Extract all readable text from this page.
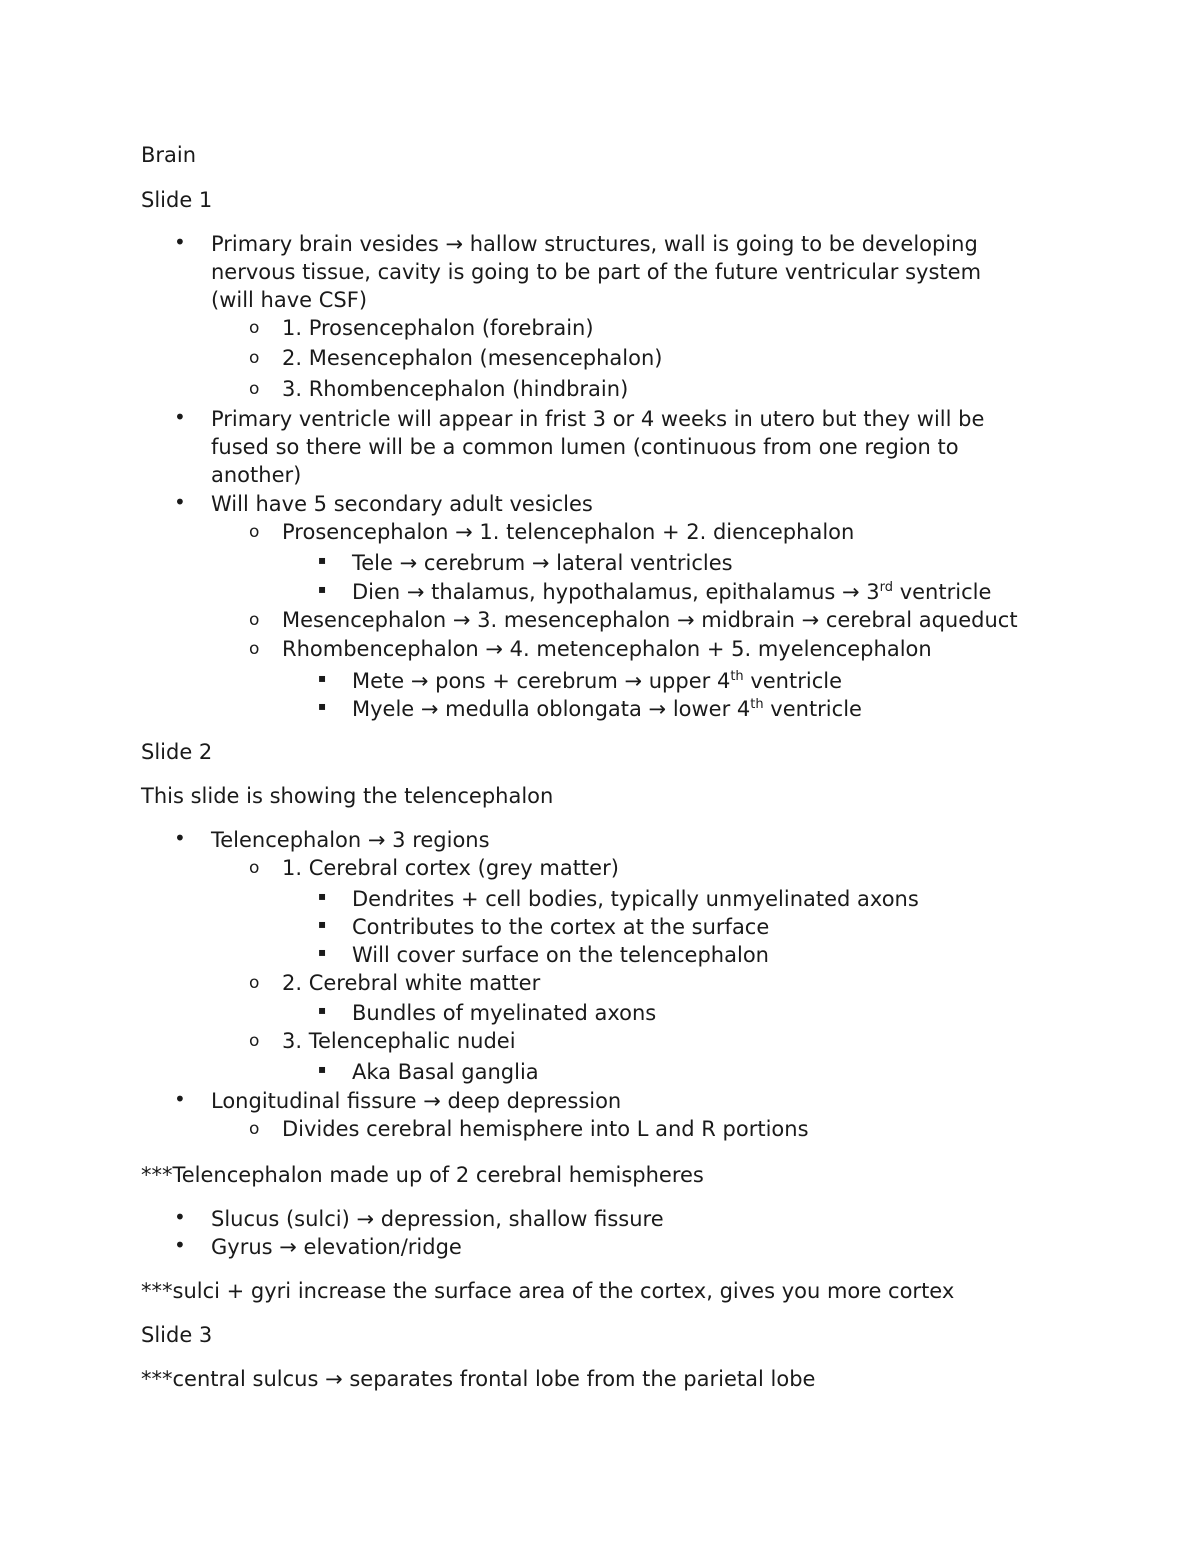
Brain
Slide 1
• Primary brain vesides → hallow structures, wall is going to be developing
nervous tissue, cavity is going to be part of the future ventricular system
(will have CSF)
o 1. Prosencephalon (forebrain)
o 2. Mesencephalon (mesencephalon)
o 3. Rhombencephalon (hindbrain)
• Primary ventricle will appear in frist 3 or 4 weeks in utero but they will be
fused so there will be a common lumen (continuous from one region to
another)
• Will have 5 secondary adult vesicles
o Prosencephalon → 1. telencephalon + 2. diencephalon
▪ Tele → cerebrum → lateral ventricles
▪ Dien → thalamus, hypothalamus, epithalamus → 3rd ventricle
o Mesencephalon → 3. mesencephalon → midbrain → cerebral aqueduct
o Rhombencephalon → 4. metencephalon + 5. myelencephalon
▪ Mete → pons + cerebrum → upper 4th ventricle
▪ Myele → medulla oblongata → lower 4th ventricle
Slide 2
This slide is showing the telencephalon
• Telencephalon → 3 regions
o 1. Cerebral cortex (grey matter)
▪ Dendrites + cell bodies, typically unmyelinated axons
▪ Contributes to the cortex at the surface
▪ Will cover surface on the telencephalon
o 2. Cerebral white matter
▪ Bundles of myelinated axons
o 3. Telencephalic nudei
▪ Aka Basal ganglia
• Longitudinal fissure → deep depression
o Divides cerebral hemisphere into L and R portions
***Telencephalon made up of 2 cerebral hemispheres
• Slucus (sulci) → depression, shallow fissure
• Gyrus → elevation/ridge
***sulci + gyri increase the surface area of the cortex, gives you more cortex
Slide 3
***central sulcus → separates frontal lobe from the parietal lobe
